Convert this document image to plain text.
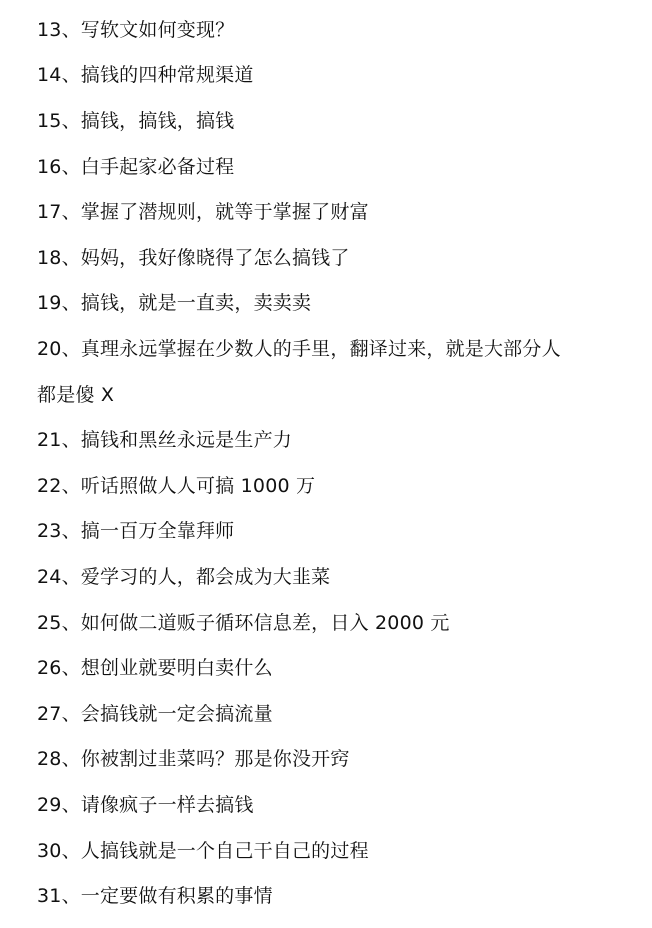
13、写软文如何变现？
14、搞钱的四种常规渠道
15、搞钱，搞钱，搞钱
16、白手起家必备过程
17、掌握了潜规则，就等于掌握了财富
18、妈妈，我好像晓得了怎么搞钱了
19、搞钱，就是一直卖，卖卖卖
20、真理永远掌握在少数人的手里，翻译过来，就是大部分人
都是傻 X
21、搞钱和黑丝永远是生产力
22、听话照做人人可搞 1000 万
23、搞一百万全靠拜师
24、爱学习的人，都会成为大韭菜
25、如何做二道贩子循环信息差，日入 2000 元
26、想创业就要明白卖什么
27、会搞钱就一定会搞流量
28、你被割过韭菜吗？那是你没开窍
29、请像疯子一样去搞钱
30、人搞钱就是一个自己干自己的过程
31、一定要做有积累的事情
